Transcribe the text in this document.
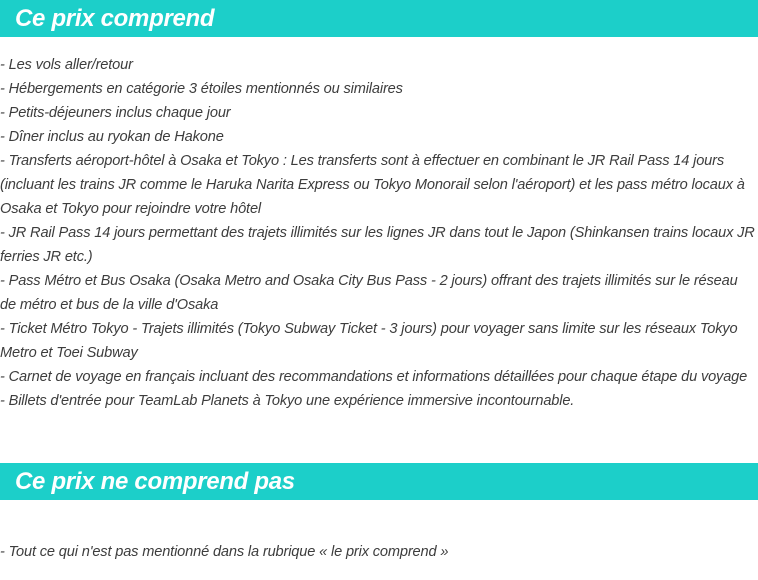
Ce prix comprend
- Les vols aller/retour
- Hébergements en catégorie 3 étoiles mentionnés ou similaires
- Petits-déjeuners inclus chaque jour
- Dîner inclus au ryokan de Hakone
- Transferts aéroport-hôtel à Osaka et Tokyo : Les transferts sont à effectuer en combinant le JR Rail Pass 14 jours (incluant les trains JR comme le Haruka Narita Express ou Tokyo Monorail selon l'aéroport) et les pass métro locaux à Osaka et Tokyo pour rejoindre votre hôtel
- JR Rail Pass 14 jours permettant des trajets illimités sur les lignes JR dans tout le Japon (Shinkansen trains locaux JR ferries JR etc.)
- Pass Métro et Bus Osaka (Osaka Metro and Osaka City Bus Pass - 2 jours) offrant des trajets illimités sur le réseau de métro et bus de la ville d'Osaka
- Ticket Métro Tokyo - Trajets illimités (Tokyo Subway Ticket - 3 jours) pour voyager sans limite sur les réseaux Tokyo Metro et Toei Subway
- Carnet de voyage en français incluant des recommandations et informations détaillées pour chaque étape du voyage
- Billets d'entrée pour TeamLab Planets à Tokyo une expérience immersive incontournable.
Ce prix ne comprend pas
- Tout ce qui n'est pas mentionné dans la rubrique « le prix comprend »
